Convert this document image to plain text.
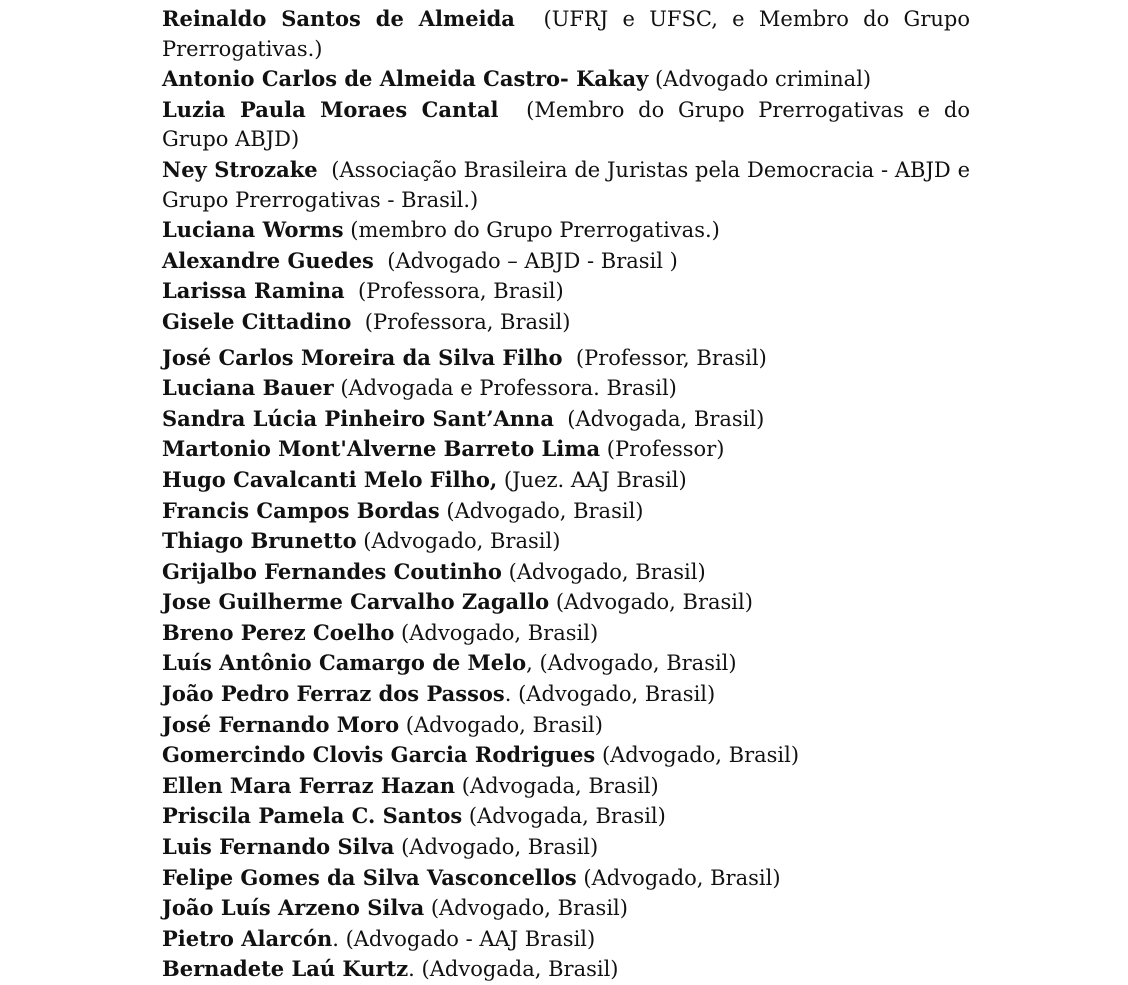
Reinaldo Santos de Almeida (UFRJ e UFSC, e Membro do Grupo Prerrogativas.)

Antonio Carlos de Almeida Castro- Kakay (Advogado criminal)

Luzia Paula Moraes Cantal (Membro do Grupo Prerrogativas e do Grupo ABJD)

Ney Strozake (Associação Brasileira de Juristas pela Democracia - ABJD e Grupo Prerrogativas - Brasil.)

Luciana Worms (membro do Grupo Prerrogativas.)

Alexandre Guedes (Advogado – ABJD - Brasil )

Larissa Ramina (Professora, Brasil)

Gisele Cittadino (Professora, Brasil)

José Carlos Moreira da Silva Filho (Professor, Brasil)

Luciana Bauer (Advogada e Professora. Brasil)

Sandra Lúcia Pinheiro Sant’Anna (Advogada, Brasil)

Martonio Mont'Alverne Barreto Lima (Professor)

Hugo Cavalcanti Melo Filho, (Juez. AAJ Brasil)

Francis Campos Bordas (Advogado, Brasil)

Thiago Brunetto (Advogado, Brasil)

Grijalbo Fernandes Coutinho (Advogado, Brasil)

Jose Guilherme Carvalho Zagallo (Advogado, Brasil)

Breno Perez Coelho (Advogado, Brasil)

Luís Antônio Camargo de Melo, (Advogado, Brasil)

João Pedro Ferraz dos Passos. (Advogado, Brasil)

José Fernando Moro (Advogado, Brasil)

Gomercindo Clovis Garcia Rodrigues (Advogado, Brasil)

Ellen Mara Ferraz Hazan (Advogada, Brasil)

Priscila Pamela C. Santos (Advogada, Brasil)

Luis Fernando Silva (Advogado, Brasil)

Felipe Gomes da Silva Vasconcellos (Advogado, Brasil)

João Luís Arzeno Silva (Advogado, Brasil)

Pietro Alarcón. (Advogado - AAJ Brasil)

Bernadete Laú Kurtz. (Advogada, Brasil)
